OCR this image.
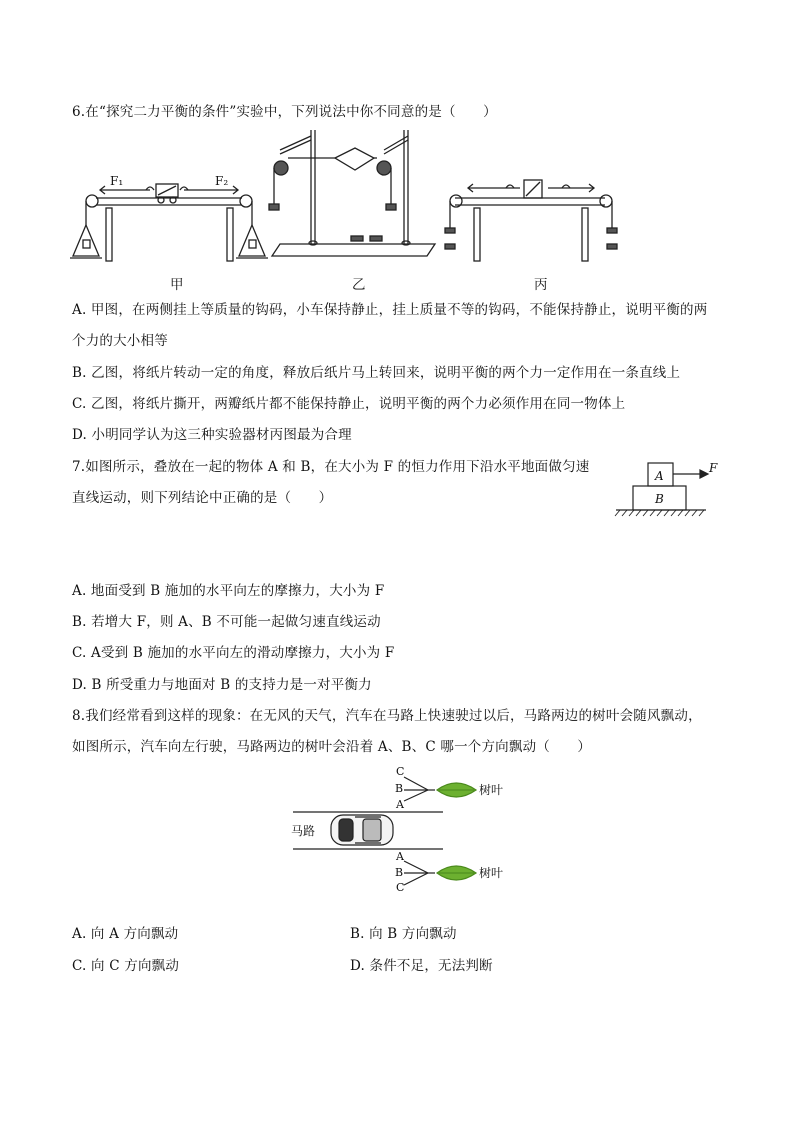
6.在“探究二力平衡的条件”实验中，下列说法中你不同意的是（　　）
F₁	F₂
甲	乙	丙
A. 甲图，在两侧挂上等质量的钩码，小车保持静止，挂上质量不等的钩码，不能保持静止，说明平衡的两
个力的大小相等
B. 乙图，将纸片转动一定的角度，释放后纸片马上转回来，说明平衡的两个力一定作用在一条直线上
C. 乙图，将纸片撕开，两瓣纸片都不能保持静止，说明平衡的两个力必须作用在同一物体上
D. 小明同学认为这三种实验器材丙图最为合理
7.如图所示，叠放在一起的物体 A 和 B，在大小为 F 的恒力作用下沿水平地面做匀速
直线运动，则下列结论中正确的是（　　）
A
B
F
A. 地面受到 B 施加的水平向左的摩擦力，大小为 F
B. 若增大 F，则 A、B 不可能一起做匀速直线运动
C. A受到 B 施加的水平向左的滑动摩擦力，大小为 F
D. B 所受重力与地面对 B 的支持力是一对平衡力
8.我们经常看到这样的现象：在无风的天气，汽车在马路上快速驶过以后，马路两边的树叶会随风飘动，
如图所示，汽车向左行驶，马路两边的树叶会沿着 A、B、C 哪一个方向飘动（　　）
C
B
A
A
B
C
马路
树叶
树叶
A. 向 A 方向飘动	B. 向 B 方向飘动
C. 向 C 方向飘动	D. 条件不足，无法判断
